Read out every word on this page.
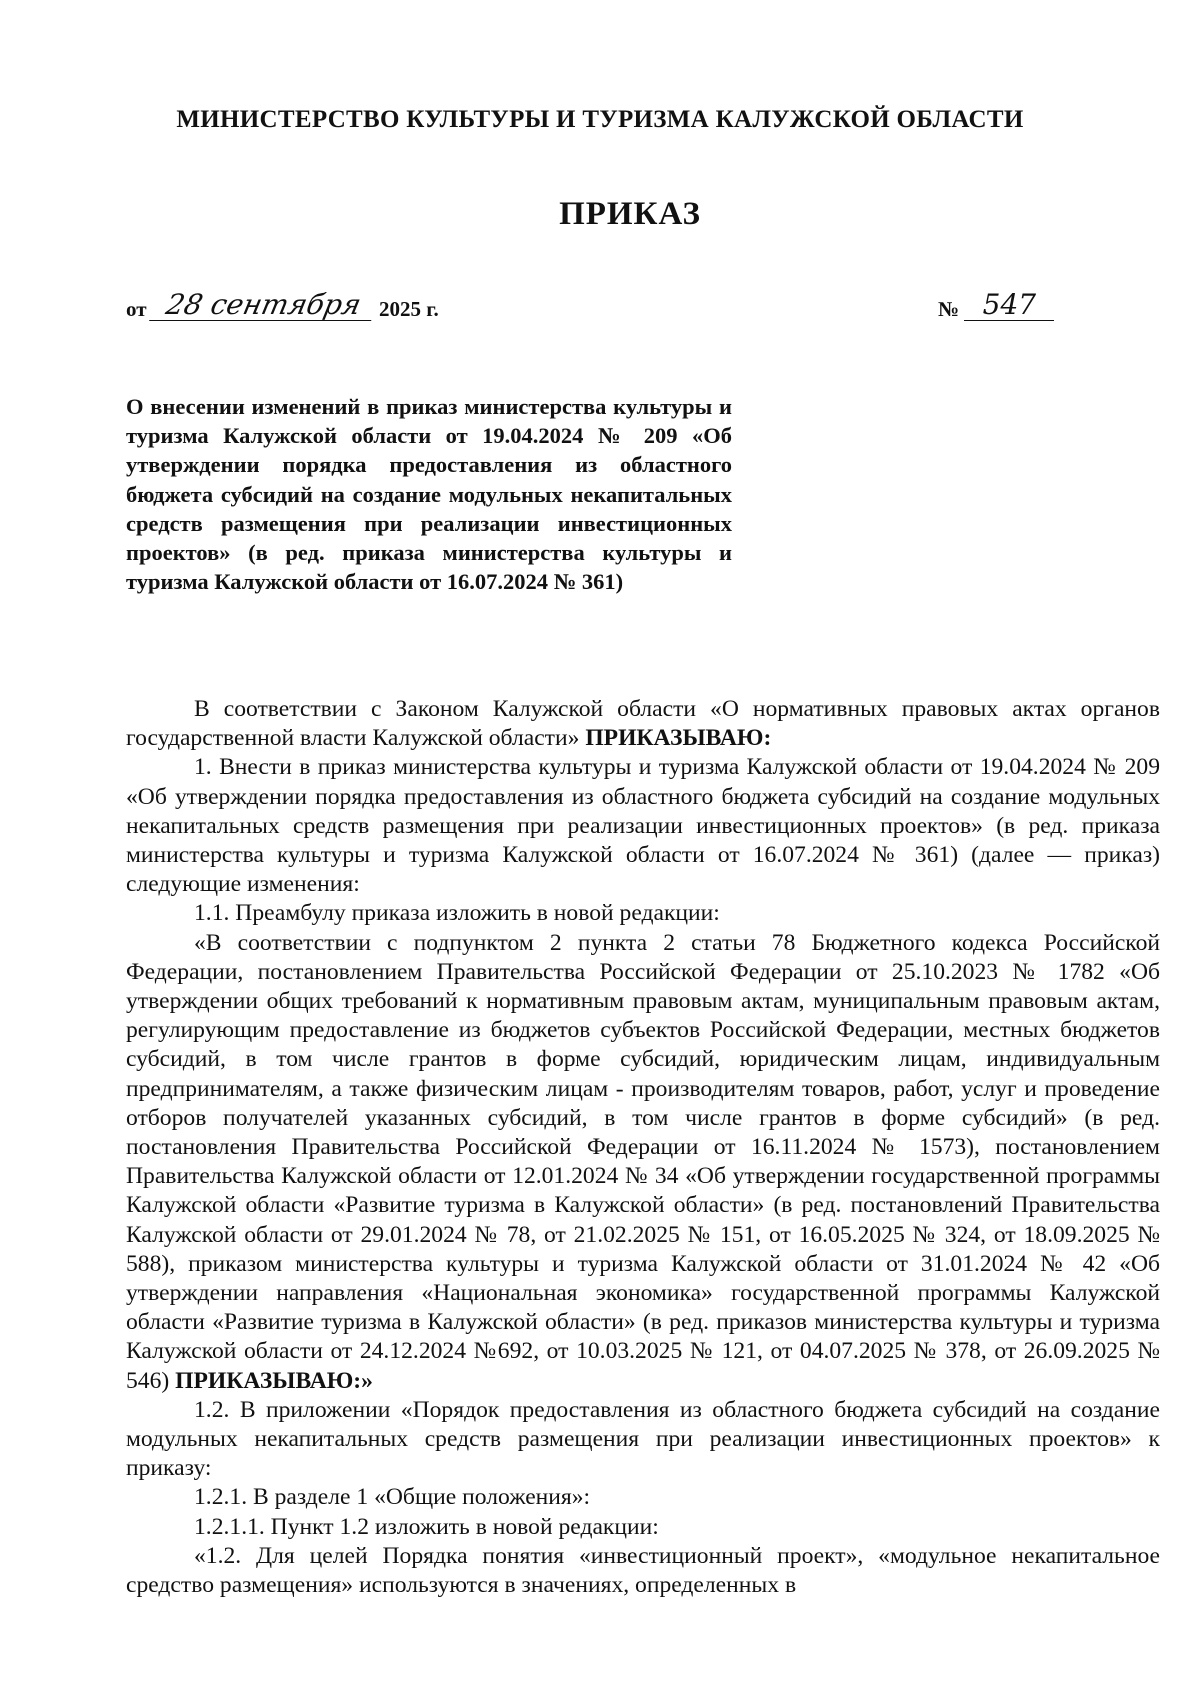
МИНИСТЕРСТВО КУЛЬТУРЫ И ТУРИЗМА КАЛУЖСКОЙ ОБЛАСТИ
ПРИКАЗ
от 28 сентября 2025 г.	№ 547
О внесении изменений в приказ министерства культуры и туризма Калужской области от 19.04.2024 № 209 «Об утверждении порядка предоставления из областного бюджета субсидий на создание модульных некапитальных средств размещения при реализации инвестиционных проектов» (в ред. приказа министерства культуры и туризма Калужской области от 16.07.2024 № 361)

В соответствии с Законом Калужской области «О нормативных правовых актах органов государственной власти Калужской области» ПРИКАЗЫВАЮ:

1. Внести в приказ министерства культуры и туризма Калужской области от 19.04.2024 № 209 «Об утверждении порядка предоставления из областного бюджета субсидий на создание модульных некапитальных средств размещения при реализации инвестиционных проектов» (в ред. приказа министерства культуры и туризма Калужской области от 16.07.2024 № 361) (далее — приказ) следующие изменения:

1.1. Преамбулу приказа изложить в новой редакции:

«В соответствии с подпунктом 2 пункта 2 статьи 78 Бюджетного кодекса Российской Федерации, постановлением Правительства Российской Федерации от 25.10.2023 № 1782 «Об утверждении общих требований к нормативным правовым актам, муниципальным правовым актам, регулирующим предоставление из бюджетов субъектов Российской Федерации, местных бюджетов субсидий, в том числе грантов в форме субсидий, юридическим лицам, индивидуальным предпринимателям, а также физическим лицам - производителям товаров, работ, услуг и проведение отборов получателей указанных субсидий, в том числе грантов в форме субсидий» (в ред. постановления Правительства Российской Федерации от 16.11.2024 № 1573), постановлением Правительства Калужской области от 12.01.2024 № 34 «Об утверждении государственной программы Калужской области «Развитие туризма в Калужской области» (в ред. постановлений Правительства Калужской области от 29.01.2024 № 78, от 21.02.2025 № 151, от 16.05.2025 № 324, от 18.09.2025 № 588), приказом министерства культуры и туризма Калужской области от 31.01.2024 № 42 «Об утверждении направления «Национальная экономика» государственной программы Калужской области «Развитие туризма в Калужской области» (в ред. приказов министерства культуры и туризма Калужской области от 24.12.2024 №692, от 10.03.2025 № 121, от 04.07.2025 № 378, от 26.09.2025 № 546) ПРИКАЗЫВАЮ:»

1.2. В приложении «Порядок предоставления из областного бюджета субсидий на создание модульных некапитальных средств размещения при реализации инвестиционных проектов» к приказу:

1.2.1. В разделе 1 «Общие положения»:

1.2.1.1. Пункт 1.2 изложить в новой редакции:

«1.2. Для целей Порядка понятия «инвестиционный проект», «модульное некапитальное средство размещения» используются в значениях, определенных в
